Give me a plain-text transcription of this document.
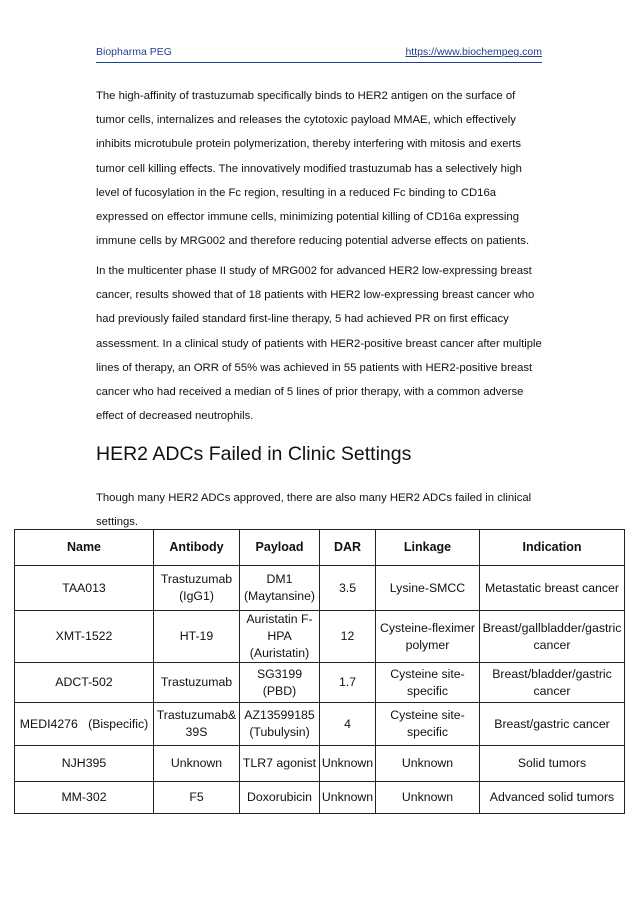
Biopharma PEG	https://www.biochempeg.com

The high-affinity of trastuzumab specifically binds to HER2 antigen on the surface of tumor cells, internalizes and releases the cytotoxic payload MMAE, which effectively inhibits microtubule protein polymerization, thereby interfering with mitosis and exerts tumor cell killing effects. The innovatively modified trastuzumab has a selectively high level of fucosylation in the Fc region, resulting in a reduced Fc binding to CD16a expressed on effector immune cells, minimizing potential killing of CD16a expressing immune cells by MRG002 and therefore reducing potential adverse effects on patients.

In the multicenter phase II study of MRG002 for advanced HER2 low-expressing breast cancer, results showed that of 18 patients with HER2 low-expressing breast cancer who had previously failed standard first-line therapy, 5 had achieved PR on first efficacy assessment. In a clinical study of patients with HER2-positive breast cancer after multiple lines of therapy, an ORR of 55% was achieved in 55 patients with HER2-positive breast cancer who had received a median of 5 lines of prior therapy, with a common adverse effect of decreased neutrophils.

HER2 ADCs Failed in Clinic Settings

Though many HER2 ADCs approved, there are also many HER2 ADCs failed in clinical settings.

Name	Antibody	Payload	DAR	Linkage	Indication
TAA013	Trastuzumab (IgG1)	DM1 (Maytansine)	3.5	Lysine-SMCC	Metastatic breast cancer
XMT-1522	HT-19	Auristatin F-HPA (Auristatin)	12	Cysteine-fleximer polymer	Breast/gallbladder/gastric cancer
ADCT-502	Trastuzumab	SG3199 (PBD)	1.7	Cysteine site-specific	Breast/bladder/gastric cancer
MEDI4276   (Bispecific)	Trastuzumab& 39S	AZ13599185 (Tubulysin)	4	Cysteine site-specific	Breast/gastric cancer
NJH395	Unknown	TLR7 agonist	Unknown	Unknown	Solid tumors
MM-302	F5	Doxorubicin	Unknown	Unknown	Advanced solid tumors
